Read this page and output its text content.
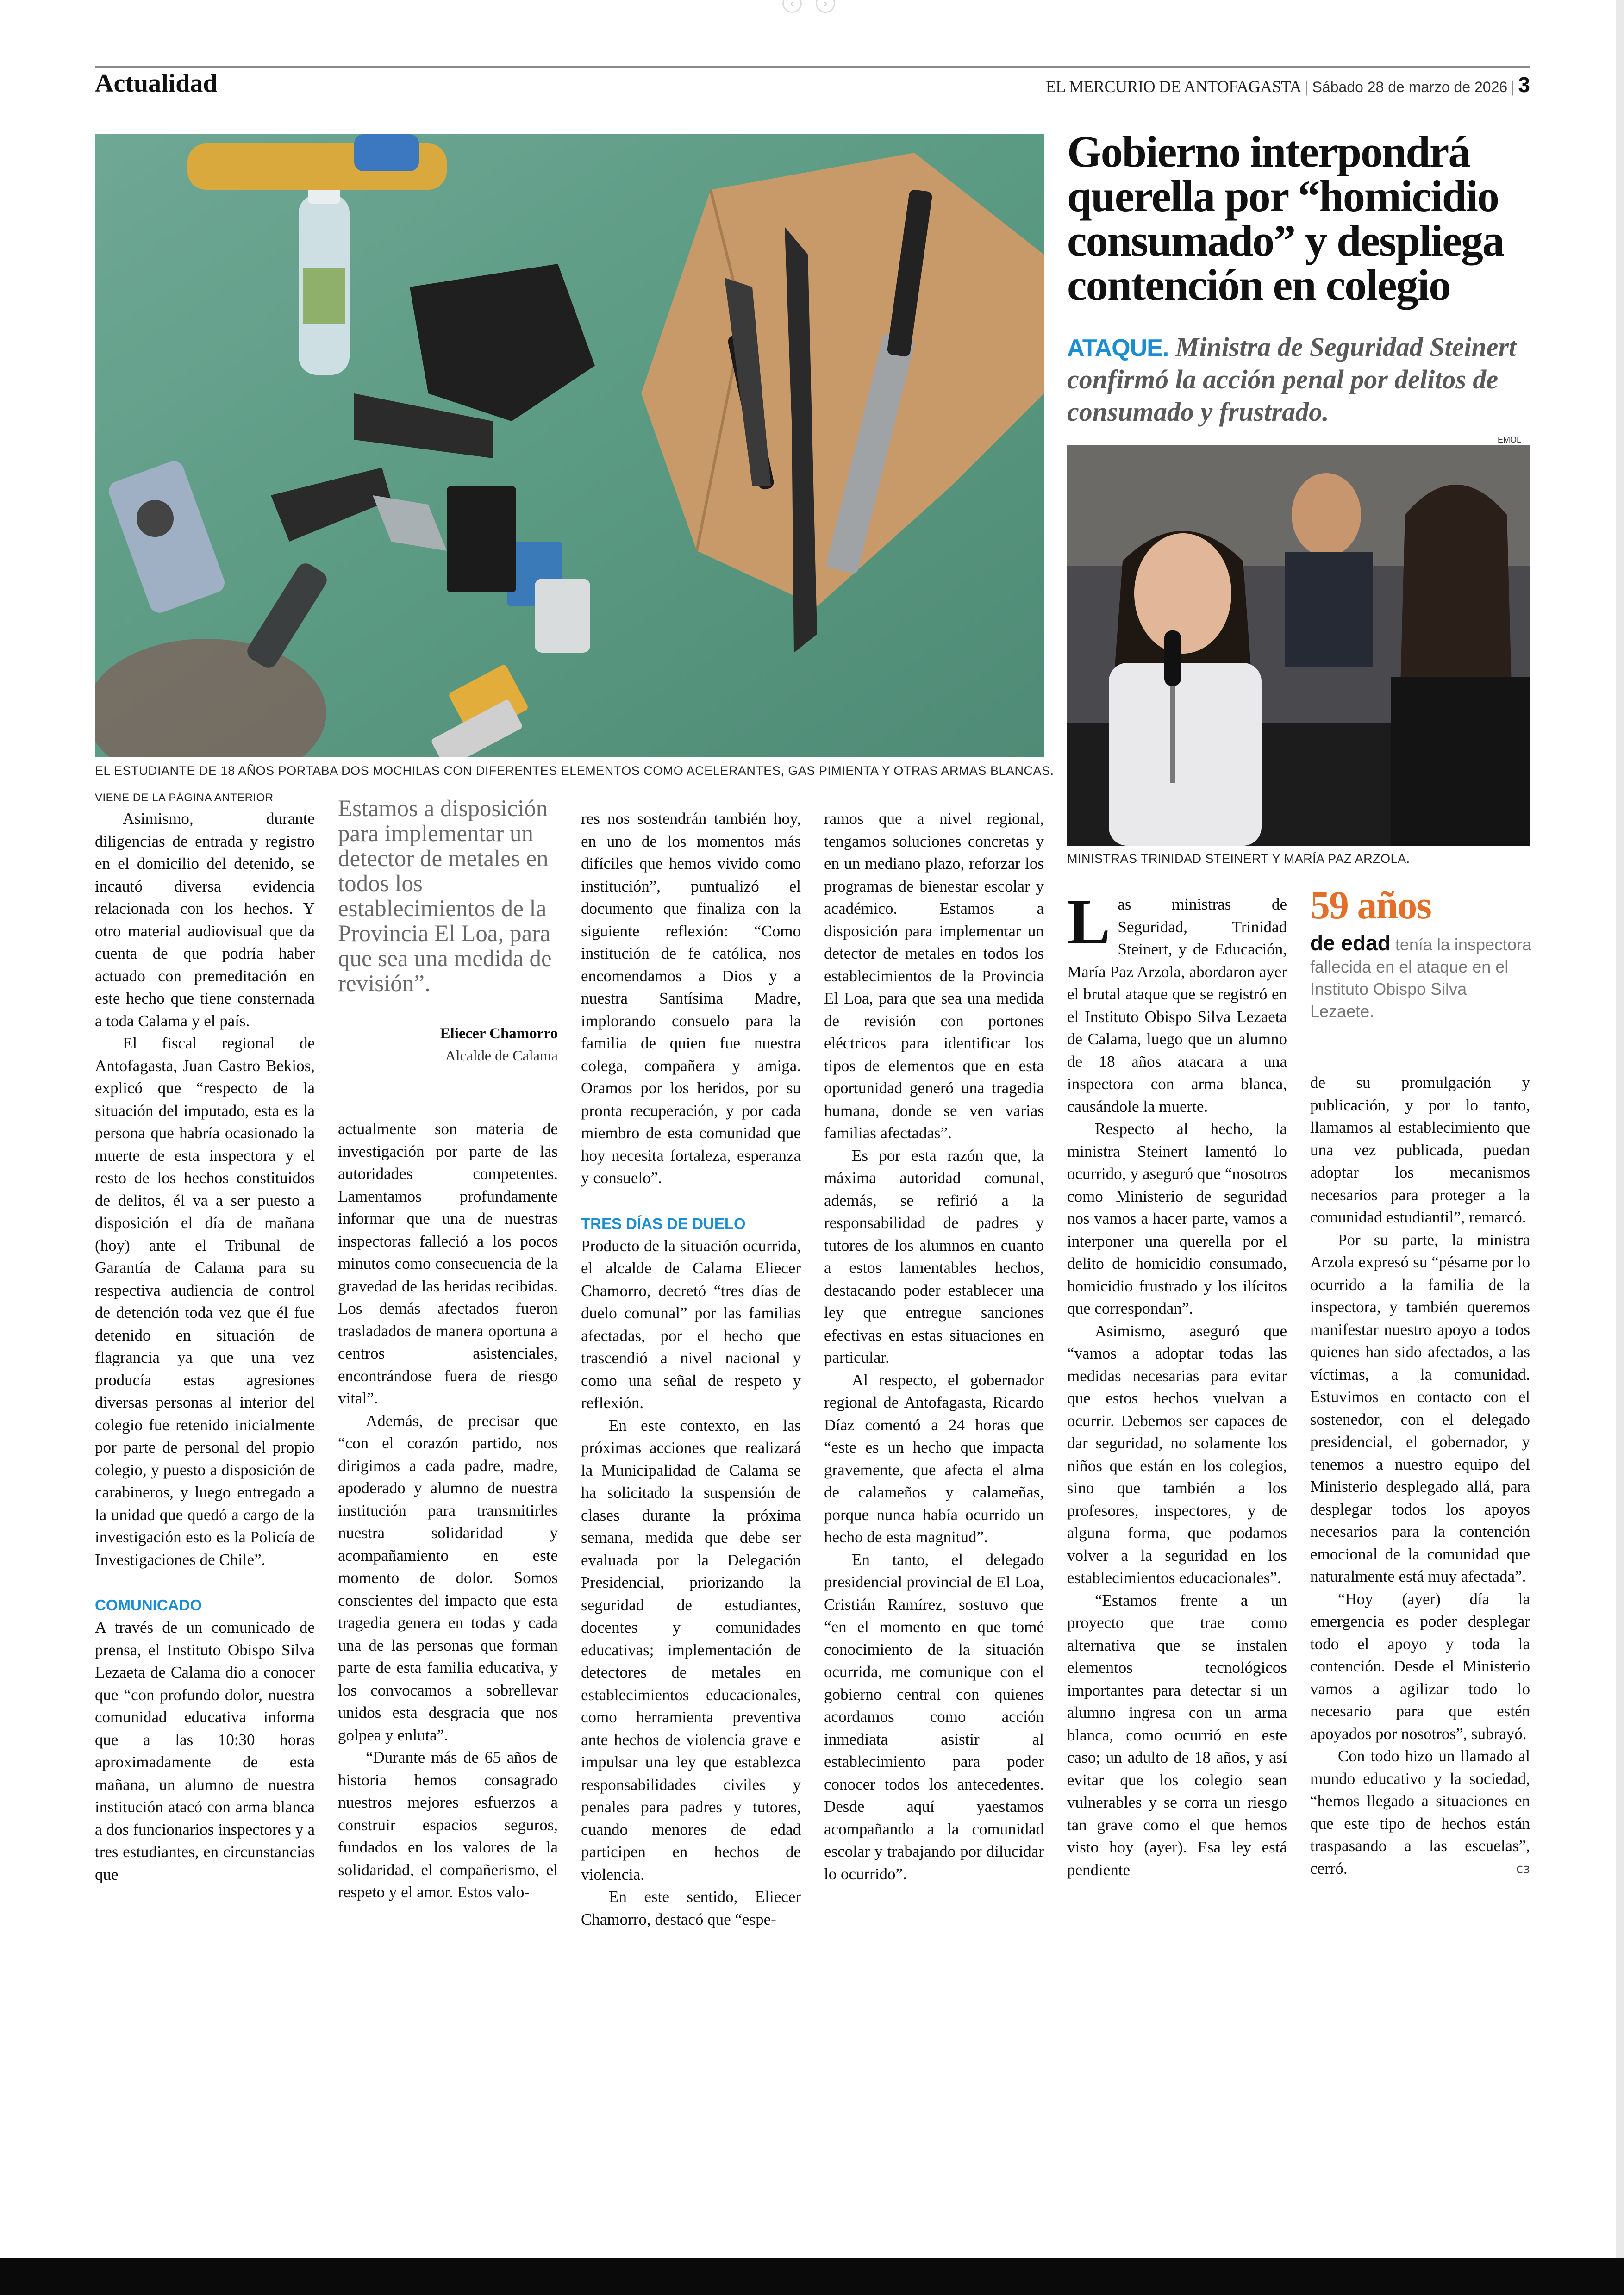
‹	›
Actualidad	EL MERCURIO DE ANTOFAGASTA | Sábado 28 de marzo de 2026 | 3
EL ESTUDIANTE DE 18 AÑOS PORTABA DOS MOCHILAS CON DIFERENTES ELEMENTOS COMO ACELERANTES, GAS PIMIENTA Y OTRAS ARMAS BLANCAS.
VIENE DE LA PÁGINA ANTERIOR
Gobierno interpondrá querella por “homicidio consumado” y despliega contención en colegio
ATAQUE. Ministra de Seguridad Steinert confirmó la acción penal por delitos de consumado y frustrado.
EMOL
MINISTRAS TRINIDAD STEINERT Y MARÍA PAZ ARZOLA.
Estamos a disposición para implementar un detector de metales en todos los establecimientos de la Provincia El Loa, para que sea una medida de revisión”.
Eliecer Chamorro
Alcalde de Calama
59 años
de edad tenía la inspectora fallecida en el ataque en el Instituto Obispo Silva Lezaete.

Asimismo, durante diligencias de entrada y registro en el domicilio del detenido, se incautó diversa evidencia relacionada con los hechos. Y otro material audiovisual que da cuenta de que podría haber actuado con premeditación en este hecho que tiene consternada a toda Calama y el país.

El fiscal regional de Antofagasta, Juan Castro Bekios, explicó que “respecto de la situación del imputado, esta es la persona que habría ocasionado la muerte de esta inspectora y el resto de los hechos constituidos de delitos, él va a ser puesto a disposición el día de mañana (hoy) ante el Tribunal de Garantía de Calama para su respectiva audiencia de control de detención toda vez que él fue detenido en situación de flagrancia ya que una vez producía estas agresiones diversas personas al interior del colegio fue retenido inicialmente por parte de personal del propio colegio, y puesto a disposición de carabineros, y luego entregado a la unidad que quedó a cargo de la investigación esto es la Policía de Investigaciones de Chile”.

COMUNICADO

A través de un comunicado de prensa, el Instituto Obispo Silva Lezaeta de Calama dio a conocer que “con profundo dolor, nuestra comunidad educativa informa que a las 10:30 horas aproximadamente de esta mañana, un alumno de nuestra institución atacó con arma blanca a dos funcionarios inspectores y a tres estudiantes, en circunstancias que

actualmente son materia de investigación por parte de las autoridades competentes. Lamentamos profundamente informar que una de nuestras inspectoras falleció a los pocos minutos como consecuencia de la gravedad de las heridas recibidas. Los demás afectados fueron trasladados de manera oportuna a centros asistenciales, encontrándose fuera de riesgo vital”.

Además, de precisar que “con el corazón partido, nos dirigimos a cada padre, madre, apoderado y alumno de nuestra institución para transmitirles nuestra solidaridad y acompañamiento en este momento de dolor. Somos conscientes del impacto que esta tragedia genera en todas y cada una de las personas que forman parte de esta familia educativa, y los convocamos a sobrellevar unidos esta desgracia que nos golpea y enluta”.

“Durante más de 65 años de historia hemos consagrado nuestros mejores esfuerzos a construir espacios seguros, fundados en los valores de la solidaridad, el compañerismo, el respeto y el amor. Estos valo-

res nos sostendrán también hoy, en uno de los momentos más difíciles que hemos vivido como institución”, puntualizó el documento que finaliza con la siguiente reflexión: “Como institución de fe católica, nos encomendamos a Dios y a nuestra Santísima Madre, implorando consuelo para la familia de quien fue nuestra colega, compañera y amiga. Oramos por los heridos, por su pronta recuperación, y por cada miembro de esta comunidad que hoy necesita fortaleza, esperanza y consuelo”.

TRES DÍAS DE DUELO

Producto de la situación ocurrida, el alcalde de Calama Eliecer Chamorro, decretó “tres días de duelo comunal” por las familias afectadas, por el hecho que trascendió a nivel nacional y como una señal de respeto y reflexión.

En este contexto, en las próximas acciones que realizará la Municipalidad de Calama se ha solicitado la suspensión de clases durante la próxima semana, medida que debe ser evaluada por la Delegación Presidencial, priorizando la seguridad de estudiantes, docentes y comunidades educativas; implementación de detectores de metales en establecimientos educacionales, como herramienta preventiva ante hechos de violencia grave e impulsar una ley que establezca responsabilidades civiles y penales para padres y tutores, cuando menores de edad participen en hechos de violencia.

En este sentido, Eliecer Chamorro, destacó que “espe-

ramos que a nivel regional, tengamos soluciones concretas y en un mediano plazo, reforzar los programas de bienestar escolar y académico. Estamos a disposición para implementar un detector de metales en todos los establecimientos de la Provincia El Loa, para que sea una medida de revisión con portones eléctricos para identificar los tipos de elementos que en esta oportunidad generó una tragedia humana, donde se ven varias familias afectadas”.

Es por esta razón que, la máxima autoridad comunal, además, se refirió a la responsabilidad de padres y tutores de los alumnos en cuanto a estos lamentables hechos, destacando poder establecer una ley que entregue sanciones efectivas en estas situaciones en particular.

Al respecto, el gobernador regional de Antofagasta, Ricardo Díaz comentó a 24 horas que “este es un hecho que impacta gravemente, que afecta el alma de calameños y calameñas, porque nunca había ocurrido un hecho de esta magnitud”.

En tanto, el delegado presidencial provincial de El Loa, Cristián Ramírez, sostuvo que “en el momento en que tomé conocimiento de la situación ocurrida, me comunique con el gobierno central con quienes acordamos como acción inmediata asistir al establecimiento para poder conocer todos los antecedentes. Desde aquí yaestamos acompañando a la comunidad escolar y trabajando por dilucidar lo ocurrido”.

Las ministras de Seguridad, Trinidad Steinert, y de Educación, María Paz Arzola, abordaron ayer el brutal ataque que se registró en el Instituto Obispo Silva Lezaeta de Calama, luego que un alumno de 18 años atacara a una inspectora con arma blanca, causándole la muerte.

Respecto al hecho, la ministra Steinert lamentó lo ocurrido, y aseguró que “nosotros como Ministerio de seguridad nos vamos a hacer parte, vamos a interponer una querella por el delito de homicidio consumado, homicidio frustrado y los ilícitos que correspondan”.

Asimismo, aseguró que “vamos a adoptar todas las medidas necesarias para evitar que estos hechos vuelvan a ocurrir. Debemos ser capaces de dar seguridad, no solamente los niños que están en los colegios, sino que también a los profesores, inspectores, y de alguna forma, que podamos volver a la seguridad en los establecimientos educacionales”.

“Estamos frente a un proyecto que trae como alternativa que se instalen elementos tecnológicos importantes para detectar si un alumno ingresa con un arma blanca, como ocurrió en este caso; un adulto de 18 años, y así evitar que los colegio sean vulnerables y se corra un riesgo tan grave como el que hemos visto hoy (ayer). Esa ley está pendiente

de su promulgación y publicación, y por lo tanto, llamamos al establecimiento que una vez publicada, puedan adoptar los mecanismos necesarios para proteger a la comunidad estudiantil”, remarcó.

Por su parte, la ministra Arzola expresó su “pésame por lo ocurrido a la familia de la inspectora, y también queremos manifestar nuestro apoyo a todos quienes han sido afectados, a las víctimas, a la comunidad. Estuvimos en contacto con el sostenedor, con el delegado presidencial, el gobernador, y tenemos a nuestro equipo del Ministerio desplegado allá, para desplegar todos los apoyos necesarios para la contención emocional de la comunidad que naturalmente está muy afectada”.

“Hoy (ayer) día la emergencia es poder desplegar todo el apoyo y toda la contención. Desde el Ministerio vamos a agilizar todo lo necesario para que estén apoyados por nosotros”, subrayó.

Con todo hizo un llamado al mundo educativo y la sociedad, “hemos llegado a situaciones en que este tipo de hechos están traspasando a las escuelas”, cerró.	cɜ
